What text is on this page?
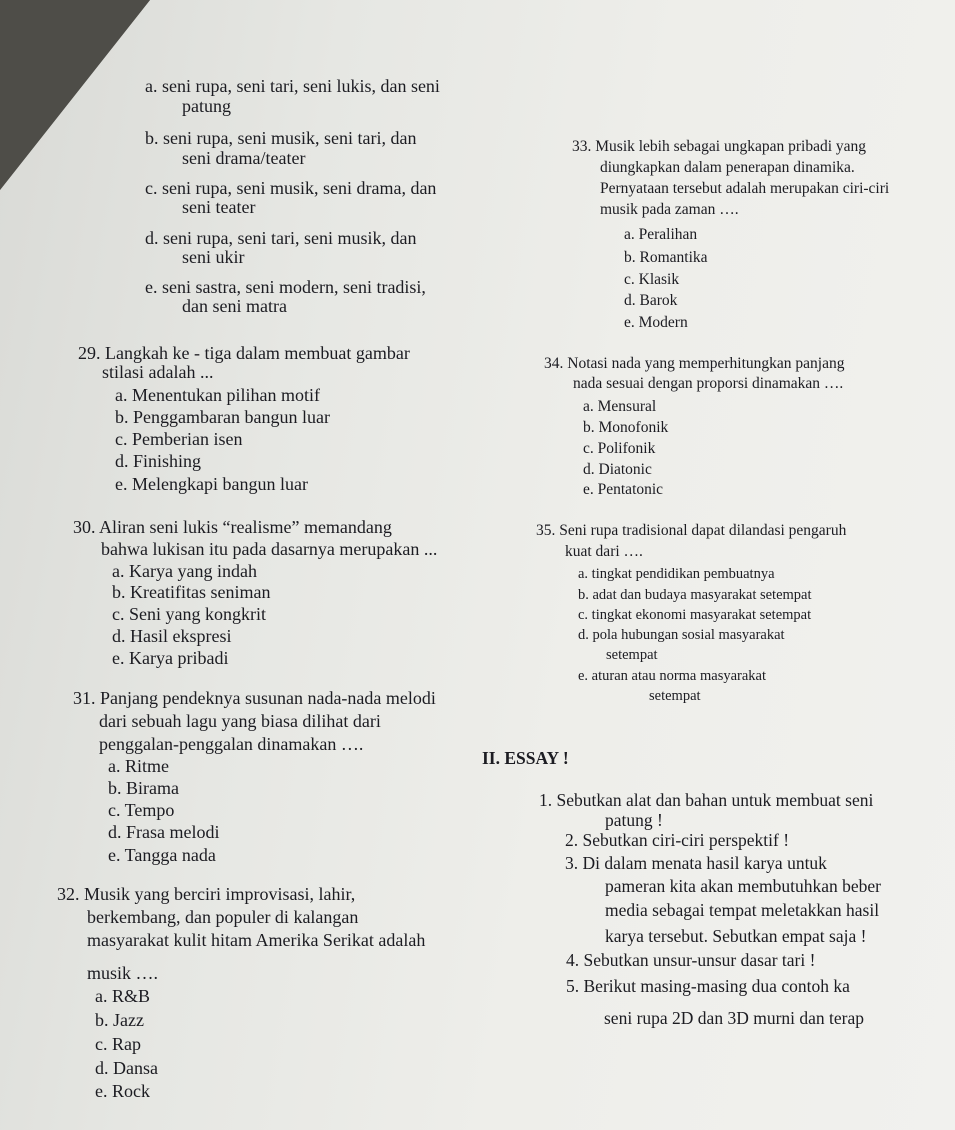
a. seni rupa, seni tari, seni lukis, dan seni
patung
b. seni rupa, seni musik, seni tari, dan
seni drama/teater
c. seni rupa, seni musik, seni drama, dan
seni teater
d. seni rupa, seni tari, seni musik, dan
seni ukir
e. seni sastra, seni modern, seni tradisi,
dan seni matra
29. Langkah ke - tiga dalam membuat gambar
stilasi adalah ...
a. Menentukan pilihan motif
b. Penggambaran bangun luar
c. Pemberian isen
d. Finishing
e. Melengkapi bangun luar
30. Aliran seni lukis “realisme” memandang
bahwa lukisan itu pada dasarnya merupakan ...
a. Karya yang indah
b. Kreatifitas seniman
c. Seni yang kongkrit
d. Hasil ekspresi
e. Karya pribadi
31. Panjang pendeknya susunan nada-nada melodi
dari sebuah lagu yang biasa dilihat dari
penggalan-penggalan dinamakan ….
a. Ritme
b. Birama
c. Tempo
d. Frasa melodi
e. Tangga nada
32. Musik yang berciri improvisasi, lahir,
berkembang, dan populer di kalangan
masyarakat kulit hitam Amerika Serikat adalah
musik ….
a. R&B
b. Jazz
c. Rap
d. Dansa
e. Rock
33. Musik lebih sebagai ungkapan pribadi yang
diungkapkan dalam penerapan dinamika.
Pernyataan tersebut adalah merupakan ciri-ciri
musik pada zaman ….
a. Peralihan
b. Romantika
c. Klasik
d. Barok
e. Modern
34. Notasi nada yang memperhitungkan panjang
nada sesuai dengan proporsi dinamakan ….
a. Mensural
b. Monofonik
c. Polifonik
d. Diatonic
e. Pentatonic
35. Seni rupa tradisional dapat dilandasi pengaruh
kuat dari ….
a. tingkat pendidikan pembuatnya
b. adat dan budaya masyarakat setempat
c. tingkat ekonomi masyarakat setempat
d. pola hubungan sosial masyarakat
setempat
e. aturan atau norma masyarakat
setempat
II. ESSAY !
1. Sebutkan alat dan bahan untuk membuat seni
patung !
2. Sebutkan ciri-ciri perspektif !
3. Di dalam menata hasil karya untuk
pameran kita akan membutuhkan beber
media sebagai tempat meletakkan hasil
karya tersebut. Sebutkan empat saja !
4. Sebutkan unsur-unsur dasar tari !
5. Berikut masing-masing dua contoh ka
seni rupa 2D dan 3D murni dan terap
